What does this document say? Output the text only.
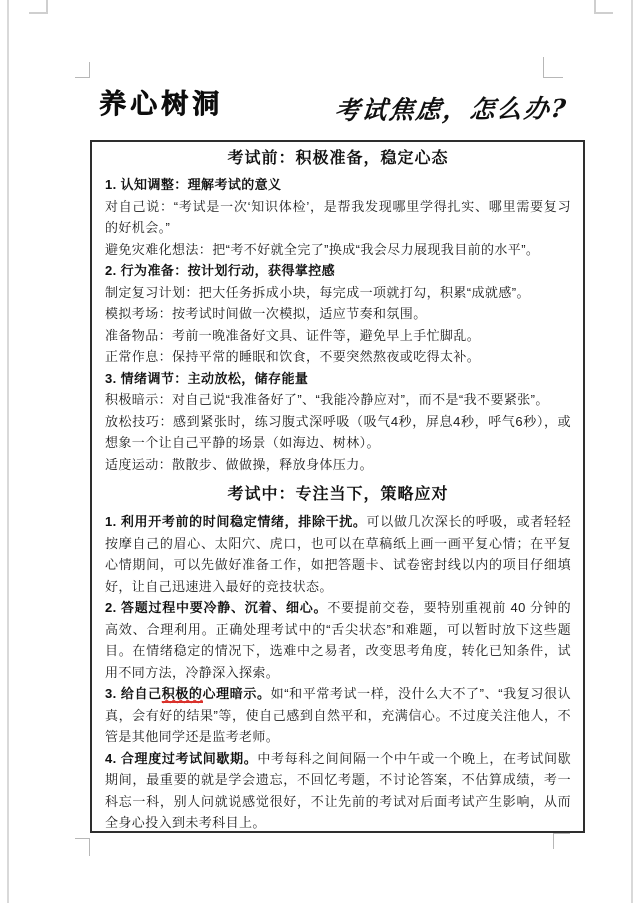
养心树洞	考试焦虑，怎么办?
考试前：积极准备，稳定心态
1. 认知调整：理解考试的意义
对自己说：“考试是一次‘知识体检’，是帮我发现哪里学得扎实、哪里需要复习的好机会。”
避免灾难化想法：把“考不好就全完了”换成“我会尽力展现我目前的水平”。
2. 行为准备：按计划行动，获得掌控感
制定复习计划：把大任务拆成小块，每完成一项就打勾，积累“成就感”。
模拟考场：按考试时间做一次模拟，适应节奏和氛围。
准备物品：考前一晚准备好文具、证件等，避免早上手忙脚乱。
正常作息：保持平常的睡眠和饮食，不要突然熬夜或吃得太补。
3. 情绪调节：主动放松，储存能量
积极暗示：对自己说“我准备好了”、“我能冷静应对”，而不是“我不要紧张”。
放松技巧：感到紧张时，练习腹式深呼吸（吸气4秒，屏息4秒，呼气6秒），或想象一个让自己平静的场景（如海边、树林）。
适度运动：散散步、做做操，释放身体压力。
考试中：专注当下，策略应对
1. 利用开考前的时间稳定情绪，排除干扰。可以做几次深长的呼吸，或者轻轻按摩自己的眉心、太阳穴、虎口，也可以在草稿纸上画一画平复心情；在平复心情期间，可以先做好准备工作，如把答题卡、试卷密封线以内的项目仔细填好，让自己迅速进入最好的竞技状态。
2. 答题过程中要冷静、沉着、细心。不要提前交卷，要特别重视前 40 分钟的高效、合理利用。正确处理考试中的“舌尖状态”和难题，可以暂时放下这些题目。在情绪稳定的情况下，选难中之易者，改变思考角度，转化已知条件，试用不同方法，冷静深入探索。
3. 给自己积极的心理暗示。如“和平常考试一样，没什么大不了”、“我复习很认真，会有好的结果”等，使自己感到自然平和，充满信心。不过度关注他人，不管是其他同学还是监考老师。
4. 合理度过考试间歇期。中考每科之间间隔一个中午或一个晚上，在考试间歇期间，最重要的就是学会遗忘，不回忆考题，不讨论答案，不估算成绩，考一科忘一科，别人问就说感觉很好，不让先前的考试对后面考试产生影响，从而全身心投入到未考科目上。
